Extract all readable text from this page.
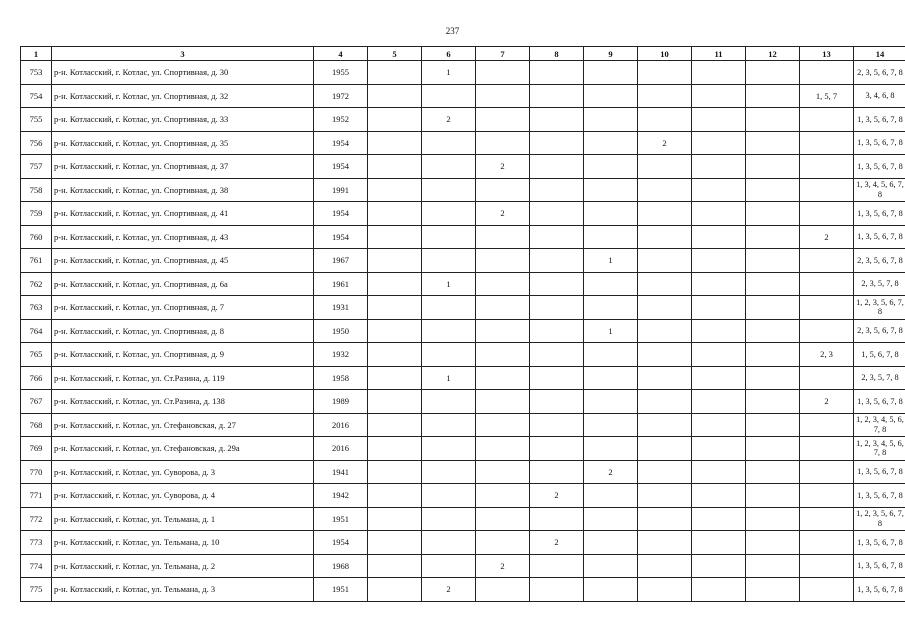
237
1	3	4	5	6	7	8	9	10	11	12	13	14
753	р-н. Котласский, г. Котлас, ул. Спортивная, д. 30	1955		1								2, 3, 5, 6, 7, 8
754	р-н. Котласский, г. Котлас, ул. Спортивная, д. 32	1972									1, 5, 7	3, 4, 6, 8
755	р-н. Котласский, г. Котлас, ул. Спортивная, д. 33	1952		2								1, 3, 5, 6, 7, 8
756	р-н. Котласский, г. Котлас, ул. Спортивная, д. 35	1954						2				1, 3, 5, 6, 7, 8
757	р-н. Котласский, г. Котлас, ул. Спортивная, д. 37	1954			2							1, 3, 5, 6, 7, 8
758	р-н. Котласский, г. Котлас, ул. Спортивная, д. 38	1991										1, 3, 4, 5, 6, 7, 8
759	р-н. Котласский, г. Котлас, ул. Спортивная, д. 41	1954			2							1, 3, 5, 6, 7, 8
760	р-н. Котласский, г. Котлас, ул. Спортивная, д. 43	1954									2	1, 3, 5, 6, 7, 8
761	р-н. Котласский, г. Котлас, ул. Спортивная, д. 45	1967					1					2, 3, 5, 6, 7, 8
762	р-н. Котласский, г. Котлас, ул. Спортивная, д. 6а	1961		1								2, 3, 5, 7, 8
763	р-н. Котласский, г. Котлас, ул. Спортивная, д. 7	1931										1, 2, 3, 5, 6, 7, 8
764	р-н. Котласский, г. Котлас, ул. Спортивная, д. 8	1950					1					2, 3, 5, 6, 7, 8
765	р-н. Котласский, г. Котлас, ул. Спортивная, д. 9	1932									2, 3	1, 5, 6, 7, 8
766	р-н. Котласский, г. Котлас, ул. Ст.Разина, д. 119	1958		1								2, 3, 5, 7, 8
767	р-н. Котласский, г. Котлас, ул. Ст.Разина, д. 138	1989									2	1, 3, 5, 6, 7, 8
768	р-н. Котласский, г. Котлас, ул. Стефановская, д. 27	2016										1, 2, 3, 4, 5, 6, 7, 8
769	р-н. Котласский, г. Котлас, ул. Стефановская, д. 29а	2016										1, 2, 3, 4, 5, 6, 7, 8
770	р-н. Котласский, г. Котлас, ул. Суворова, д. 3	1941					2					1, 3, 5, 6, 7, 8
771	р-н. Котласский, г. Котлас, ул. Суворова, д. 4	1942				2						1, 3, 5, 6, 7, 8
772	р-н. Котласский, г. Котлас, ул. Тельмана, д. 1	1951										1, 2, 3, 5, 6, 7, 8
773	р-н. Котласский, г. Котлас, ул. Тельмана, д. 10	1954				2						1, 3, 5, 6, 7, 8
774	р-н. Котласский, г. Котлас, ул. Тельмана, д. 2	1968			2							1, 3, 5, 6, 7, 8
775	р-н. Котласский, г. Котлас, ул. Тельмана, д. 3	1951		2								1, 3, 5, 6, 7, 8
